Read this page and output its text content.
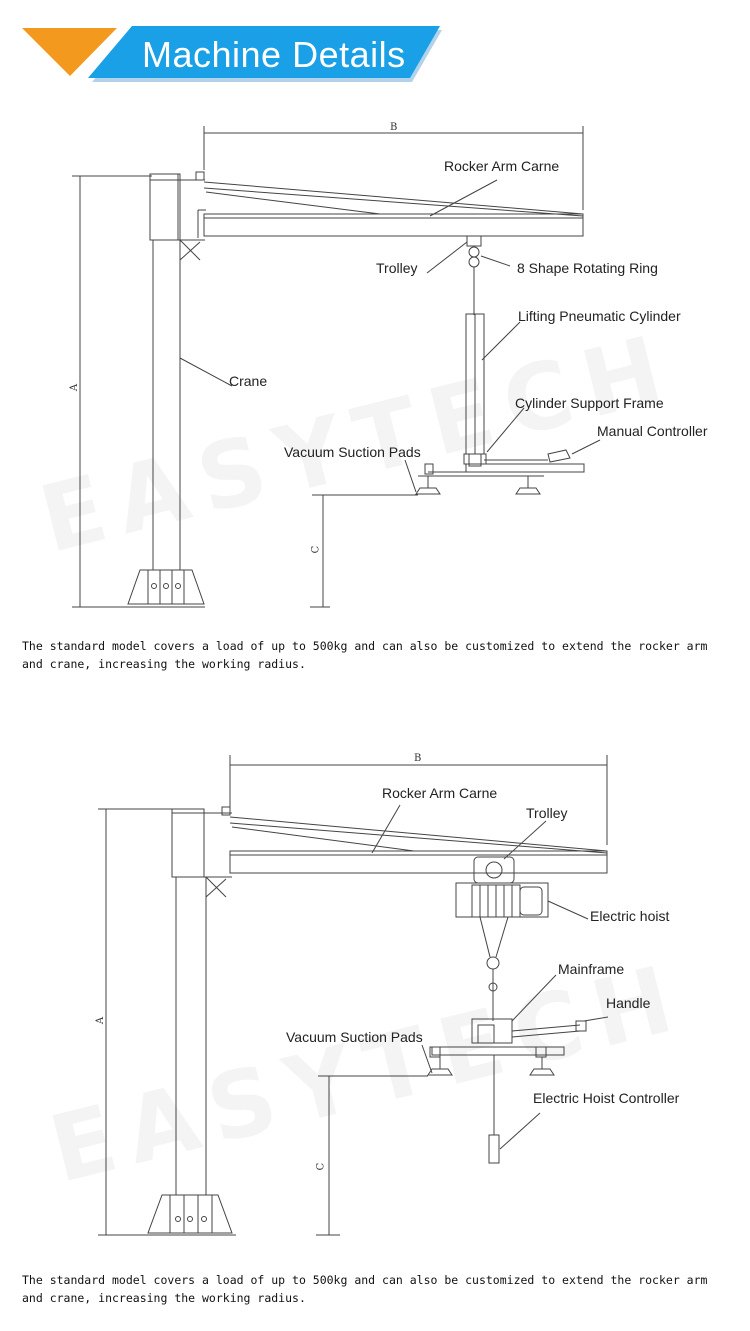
Machine Details
B
A
C
Rocker Arm Carne
Trolley	8 Shape Rotating Ring
Lifting Pneumatic Cylinder
Crane
Cylinder Support Frame
Manual Controller
Vacuum Suction Pads

The standard model covers a load of up to 500kg and can also be customized to extend the rocker arm and crane, increasing the working radius.

B
A
C
Rocker Arm Carne
Trolley
Electric hoist
Mainframe
Handle
Vacuum Suction Pads
Electric Hoist Controller

The standard model covers a load of up to 500kg and can also be customized to extend the rocker arm and crane, increasing the working radius.
